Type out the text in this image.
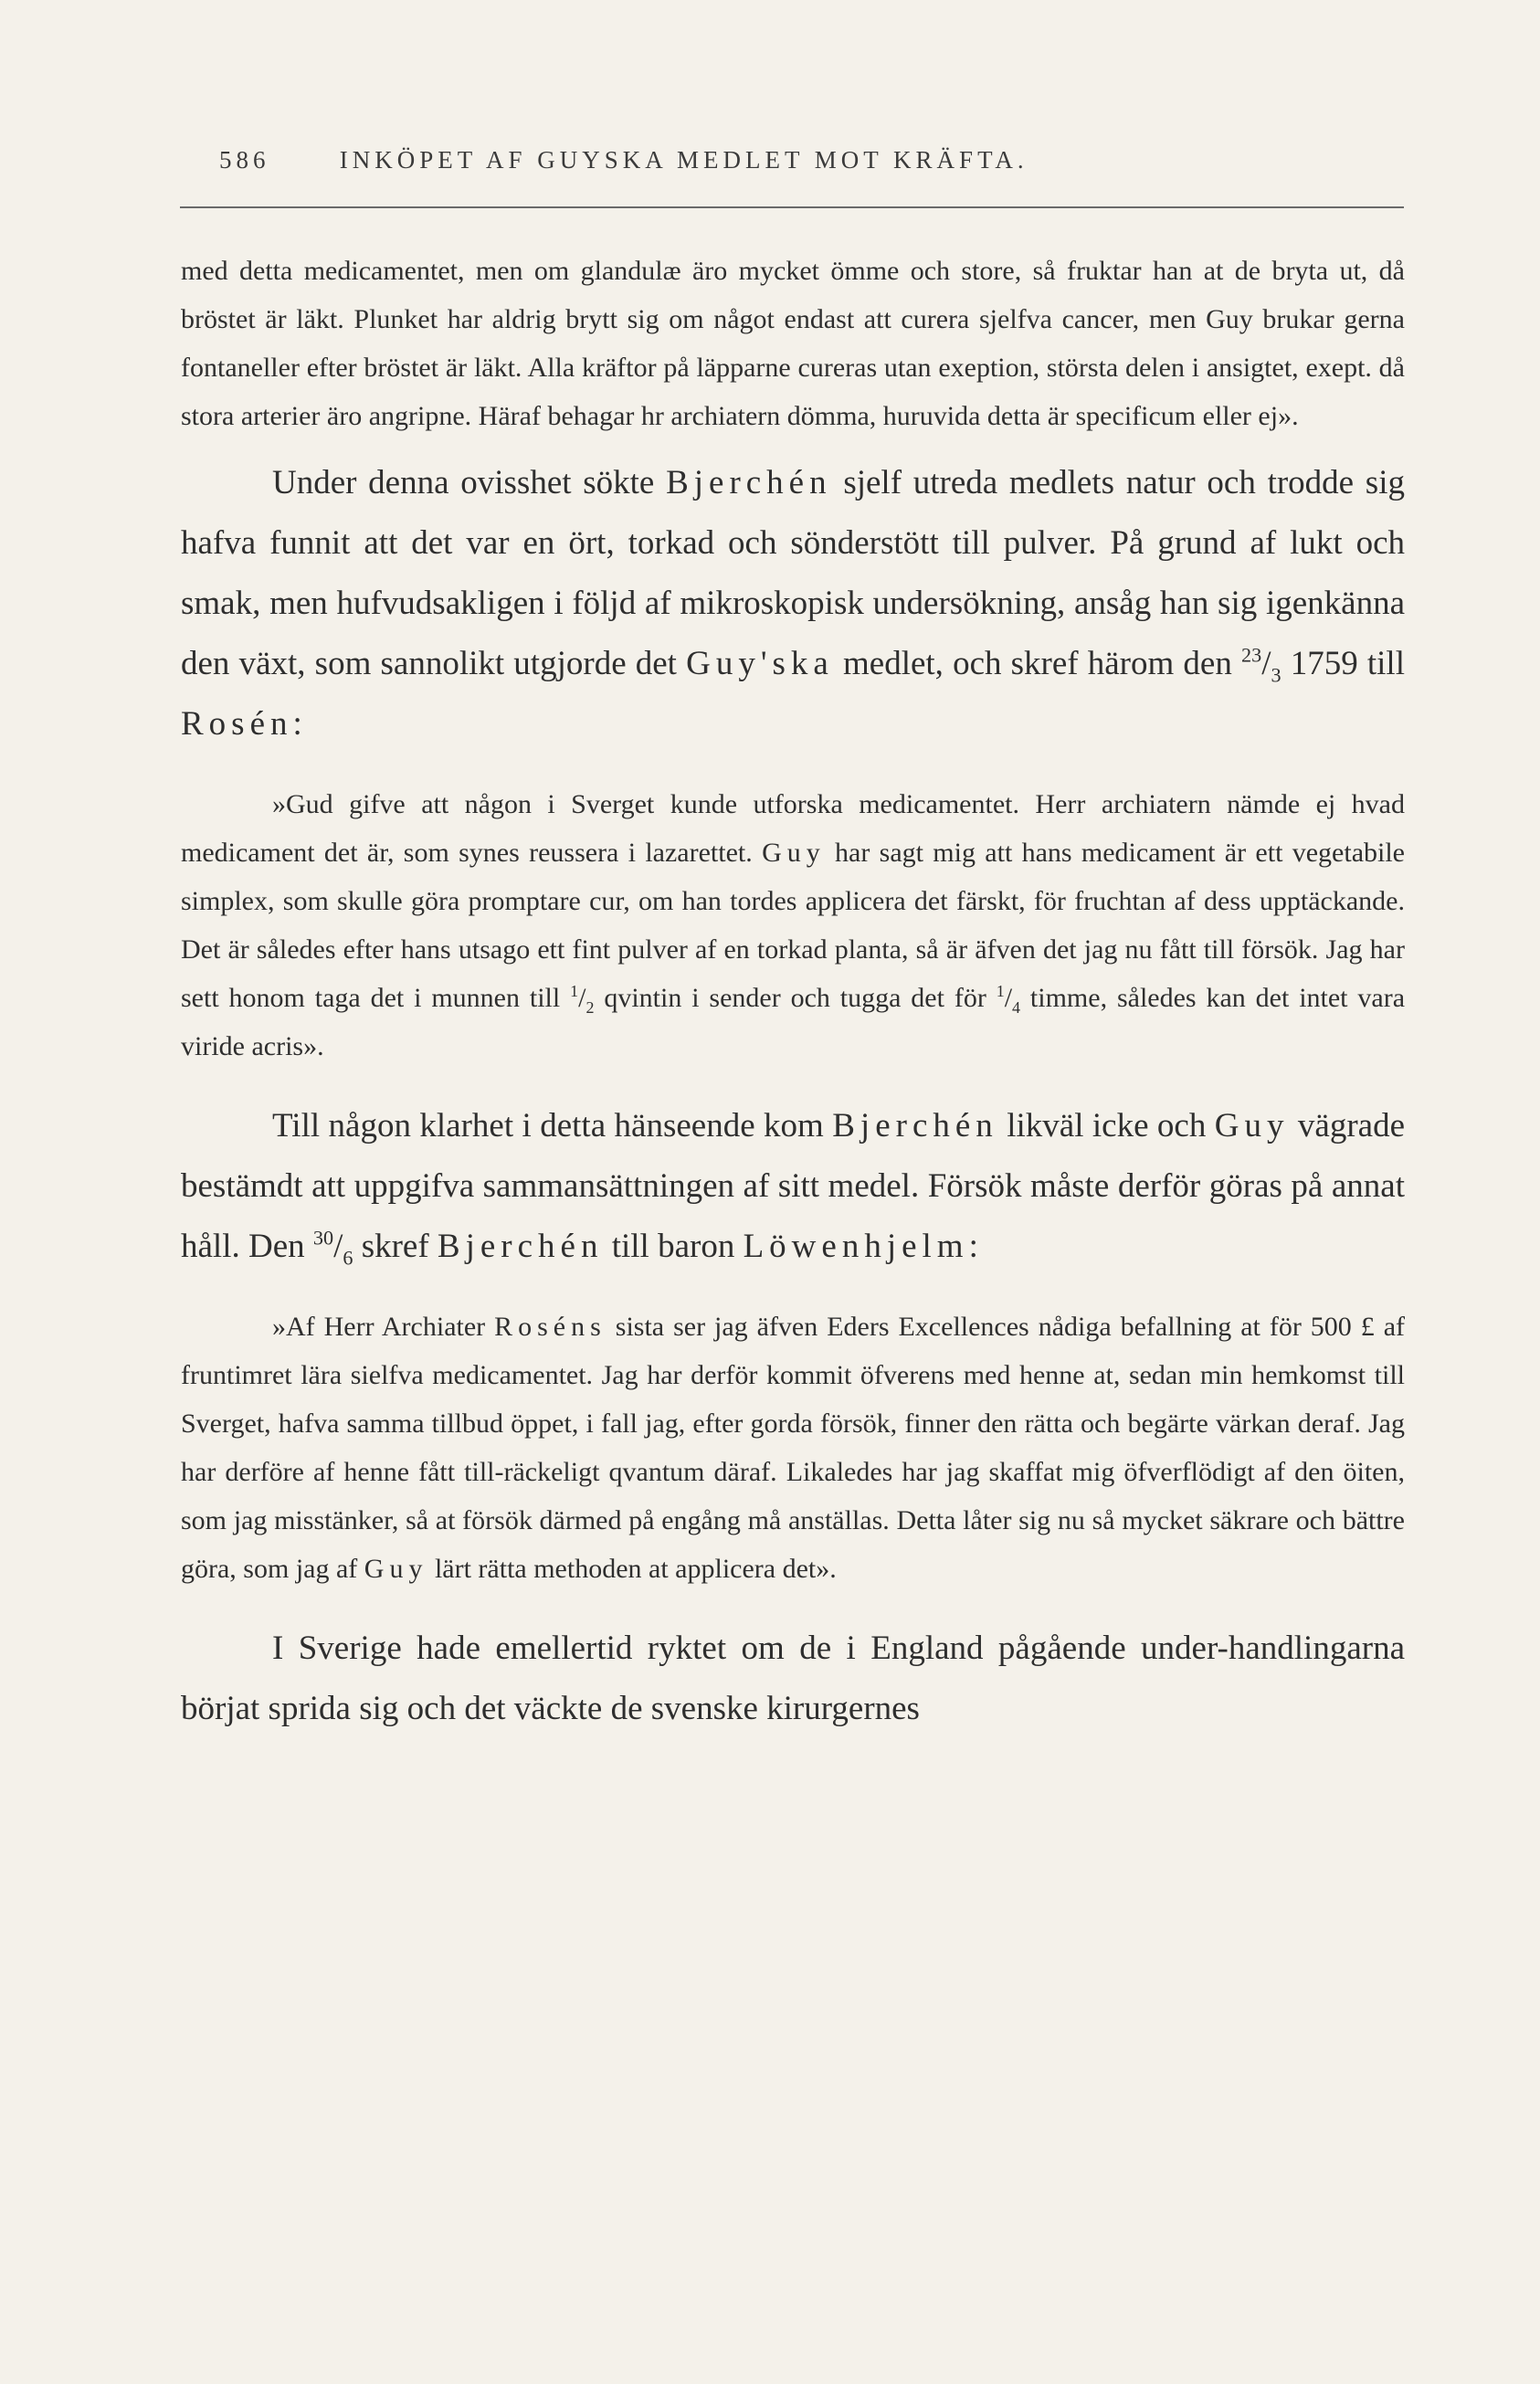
586	INKÖPET AF GUYSKA MEDLET MOT KRÄFTA.

med detta medicamentet, men om glandulæ äro mycket ömme och store, så fruktar han at de bryta ut, då bröstet är läkt. Plunket har aldrig brytt sig om något endast att curera sjelfva cancer, men Guy brukar gerna fontaneller efter bröstet är läkt. Alla kräftor på läpparne cureras utan exeption, största delen i ansigtet, exept. då stora arterier äro angripne. Häraf behagar hr archiatern dömma, huruvida detta är specificum eller ej».

Under denna ovisshet sökte Bjerchén sjelf utreda medlets natur och trodde sig hafva funnit att det var en ört, torkad och sönderstött till pulver. På grund af lukt och smak, men hufvudsakligen i följd af mikroskopisk undersökning, ansåg han sig igenkänna den växt, som sannolikt utgjorde det Guy'ska medlet, och skref härom den $^{23}/_3$ 1759 till Rosén:

»Gud gifve att någon i Sverget kunde utforska medicamentet. Herr archiatern nämde ej hvad medicament det är, som synes reussera i lazarettet. Guy har sagt mig att hans medicament är ett vegetabile simplex, som skulle göra promptare cur, om han tordes applicera det färskt, för fruchtan af dess upptäckande. Det är således efter hans utsago ett fint pulver af en torkad planta, så är äfven det jag nu fått till försök. Jag har sett honom taga det i munnen till $^1/_2$ qvintin i sender och tugga det för $^1/_4$ timme, således kan det intet vara viride acris».

Till någon klarhet i detta hänseende kom Bjerchén likväl icke och Guy vägrade bestämdt att uppgifva sammansättningen af sitt medel. Försök måste derför göras på annat håll. Den $^{30}/_6$ skref Bjerchén till baron Löwenhjelm:

»Af Herr Archiater Roséns sista ser jag äfven Eders Excellences nådiga befallning at för 500 £ af fruntimret lära sielfva medicamentet. Jag har derför kommit öfverens med henne at, sedan min hemkomst till Sverget, hafva samma tillbud öppet, i fall jag, efter gorda försök, finner den rätta och begärte värkan deraf. Jag har derföre af henne fått till-räckeligt qvantum däraf. Likaledes har jag skaffat mig öfverflödigt af den öiten, som jag misstänker, så at försök därmed på engång må anställas. Detta låter sig nu så mycket säkrare och bättre göra, som jag af Guy lärt rätta methoden at applicera det».

I Sverige hade emellertid ryktet om de i England pågående under-handlingarna börjat sprida sig och det väckte de svenske kirurgernes
